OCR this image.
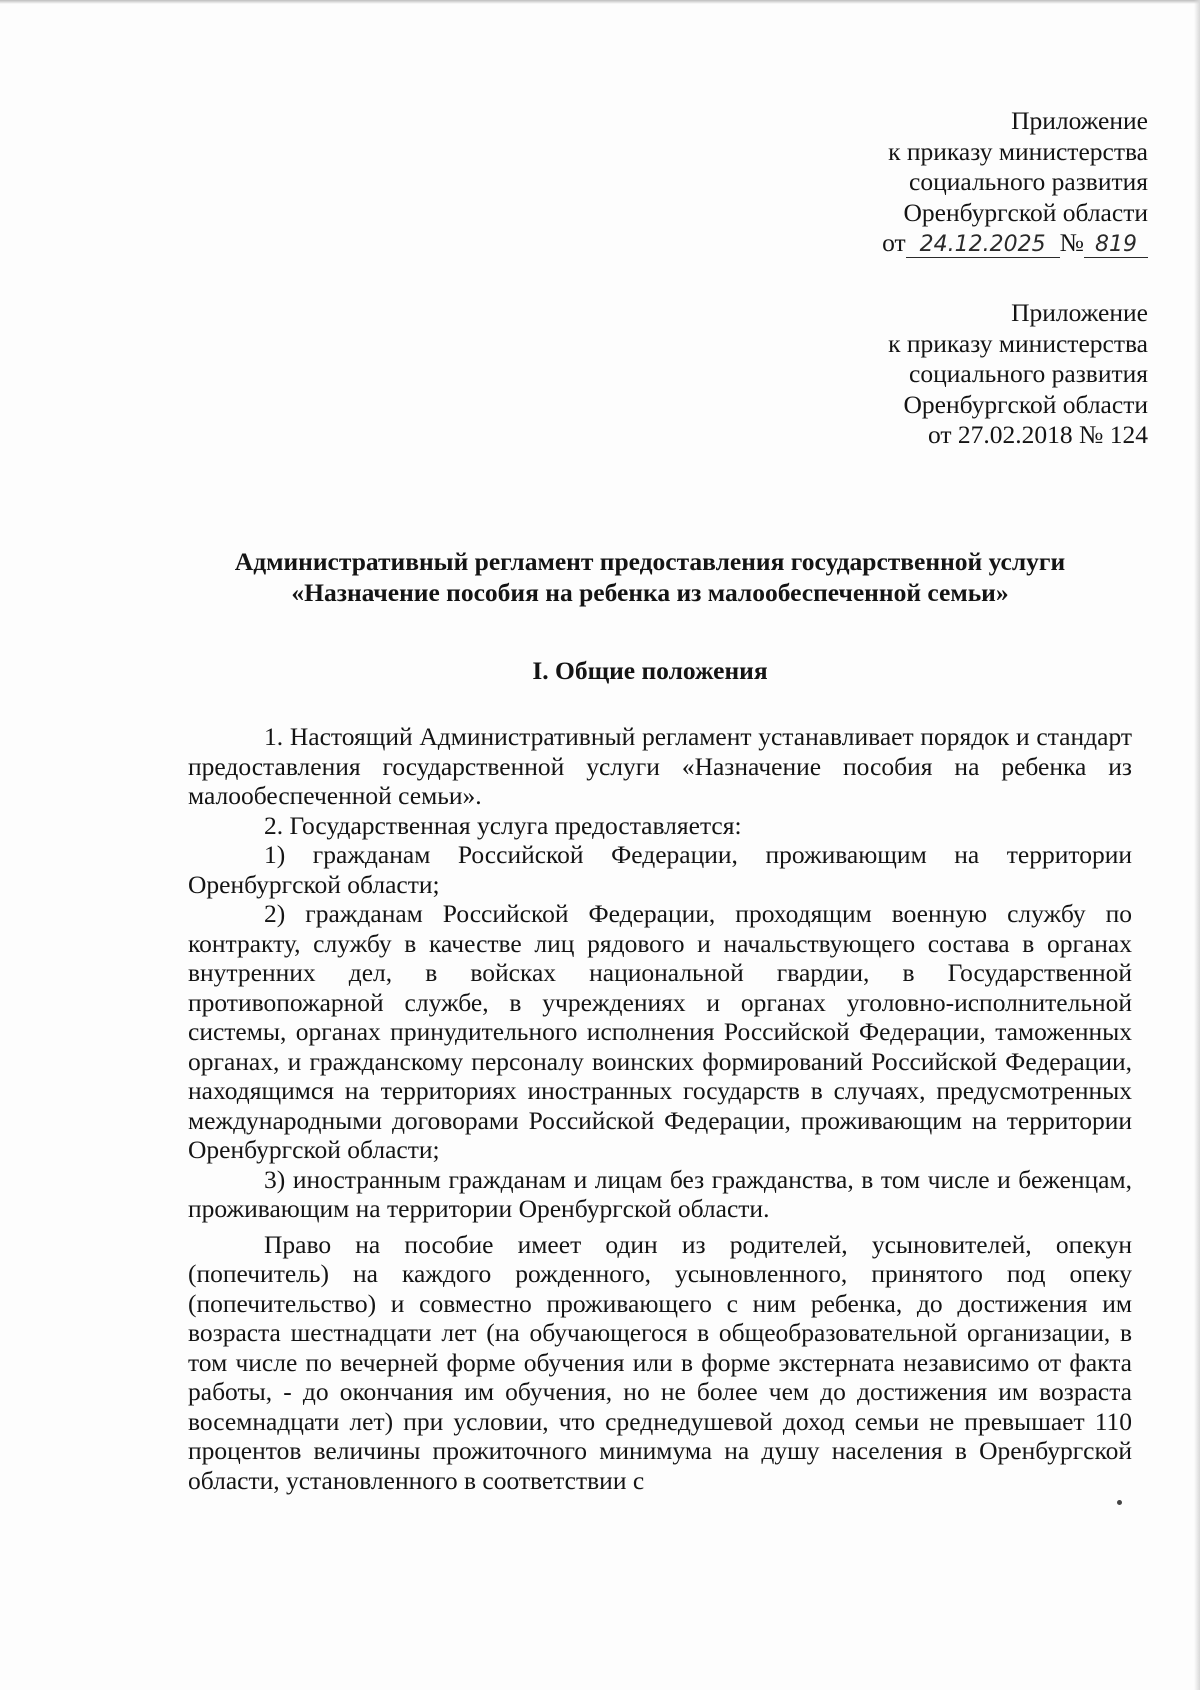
Приложение
к приказу министерства
социального развития
Оренбургской области
от 24.12.2025 № 819
Приложение
к приказу министерства
социального развития
Оренбургской области
от 27.02.2018 № 124
Административный регламент предоставления государственной услуги
«Назначение пособия на ребенка из малообеспеченной семьи»
I. Общие положения

1. Настоящий Административный регламент устанавливает порядок и стандарт предоставления государственной услуги «Назначение пособия на ребенка из малообеспеченной семьи».

2. Государственная услуга предоставляется:

1) гражданам Российской Федерации, проживающим на территории Оренбургской области;

2) гражданам Российской Федерации, проходящим военную службу по контракту, службу в качестве лиц рядового и начальствующего состава в органах внутренних дел, в войсках национальной гвардии, в Государственной противопожарной службе, в учреждениях и органах уголовно-исполнительной системы, органах принудительного исполнения Российской Федерации, таможенных органах, и гражданскому персоналу воинских формирований Российской Федерации, находящимся на территориях иностранных государств в случаях, предусмотренных международными договорами Российской Федерации, проживающим на территории Оренбургской области;

3) иностранным гражданам и лицам без гражданства, в том числе и беженцам, проживающим на территории Оренбургской области.

Право на пособие имеет один из родителей, усыновителей, опекун (попечитель) на каждого рожденного, усыновленного, принятого под опеку (попечительство) и совместно проживающего с ним ребенка, до достижения им возраста шестнадцати лет (на обучающегося в общеобразовательной организации, в том числе по вечерней форме обучения или в форме экстерната независимо от факта работы, - до окончания им обучения, но не более чем до достижения им возраста восемнадцати лет) при условии, что среднедушевой доход семьи не превышает 110 процентов величины прожиточного минимума на душу населения в Оренбургской области, установленного в соответствии с
